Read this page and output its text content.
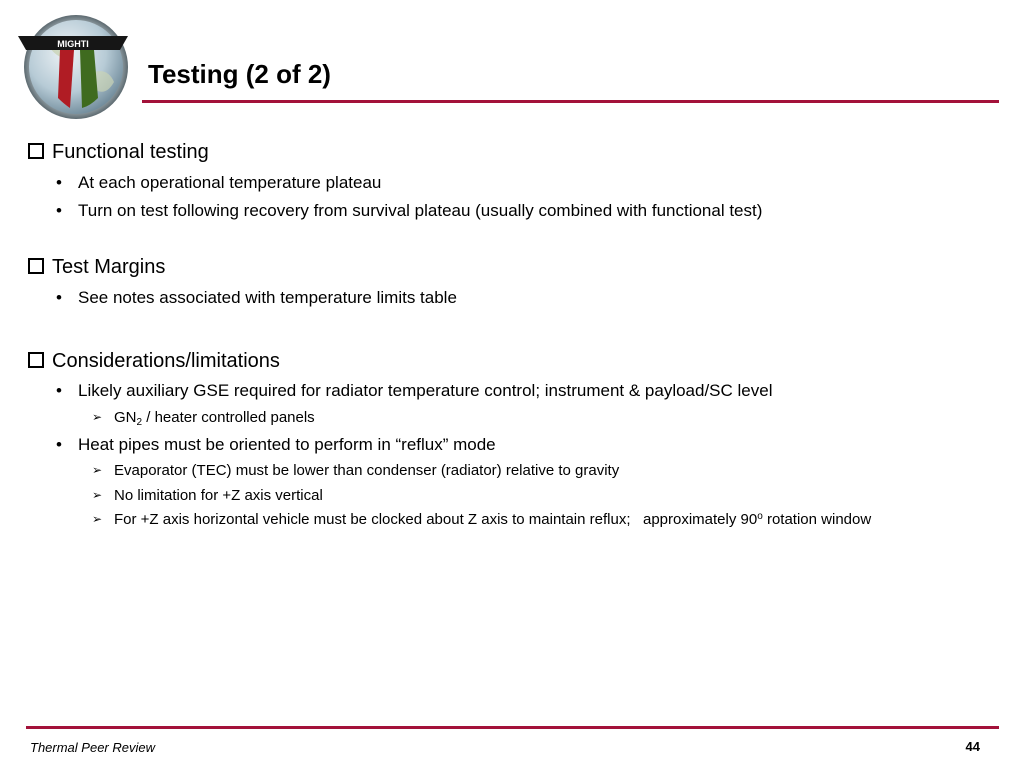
MIGHTI
Testing (2 of 2)
Functional testing
• At each operational temperature plateau
• Turn on test following recovery from survival plateau (usually combined with functional test)
Test Margins
• See notes associated with temperature limits table
Considerations/limitations
• Likely auxiliary GSE required for radiator temperature control; instrument & payload/SC level
➢ $GN_2$ / heater controlled panels
• Heat pipes must be oriented to perform in “reflux” mode
➢ Evaporator (TEC) must be lower than condenser (radiator) relative to gravity
➢ No limitation for +Z axis vertical
➢ For +Z axis horizontal vehicle must be clocked about Z axis to maintain reflux;   approximately 90$^o$ rotation window
Thermal Peer Review	44
